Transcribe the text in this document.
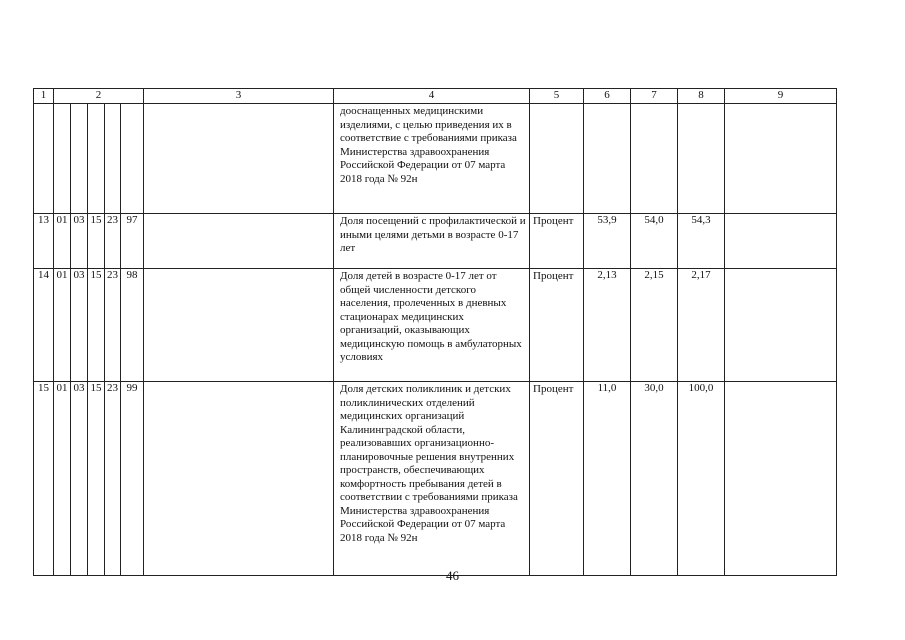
1	2					3	4	5	6	7	8	9
							дооснащенных медицинскими изделиями, с целью приведения их в соответствие с требованиями приказа Министерства здравоохранения Российской Федерации от 07 марта 2018 года № 92н					
13	01	03	15	23	97		Доля посещений с профилактической и иными целями детьми в возрасте 0-17 лет	Процент	53,9	54,0	54,3	
14	01	03	15	23	98		Доля детей в возрасте 0-17 лет от общей численности детского населения, пролеченных в дневных стационарах медицинских организаций, оказывающих медицинскую помощь в амбулаторных условиях	Процент	2,13	2,15	2,17	
15	01	03	15	23	99		Доля детских поликлиник и детских поликлинических отделений медицинских организаций Калининградской области, реализовавших организационно-планировочные решения внутренних пространств, обеспечивающих комфортность пребывания детей в соответствии с требованиями приказа Министерства здравоохранения Российской Федерации от 07 марта 2018 года № 92н	Процент	11,0	30,0	100,0	
46
